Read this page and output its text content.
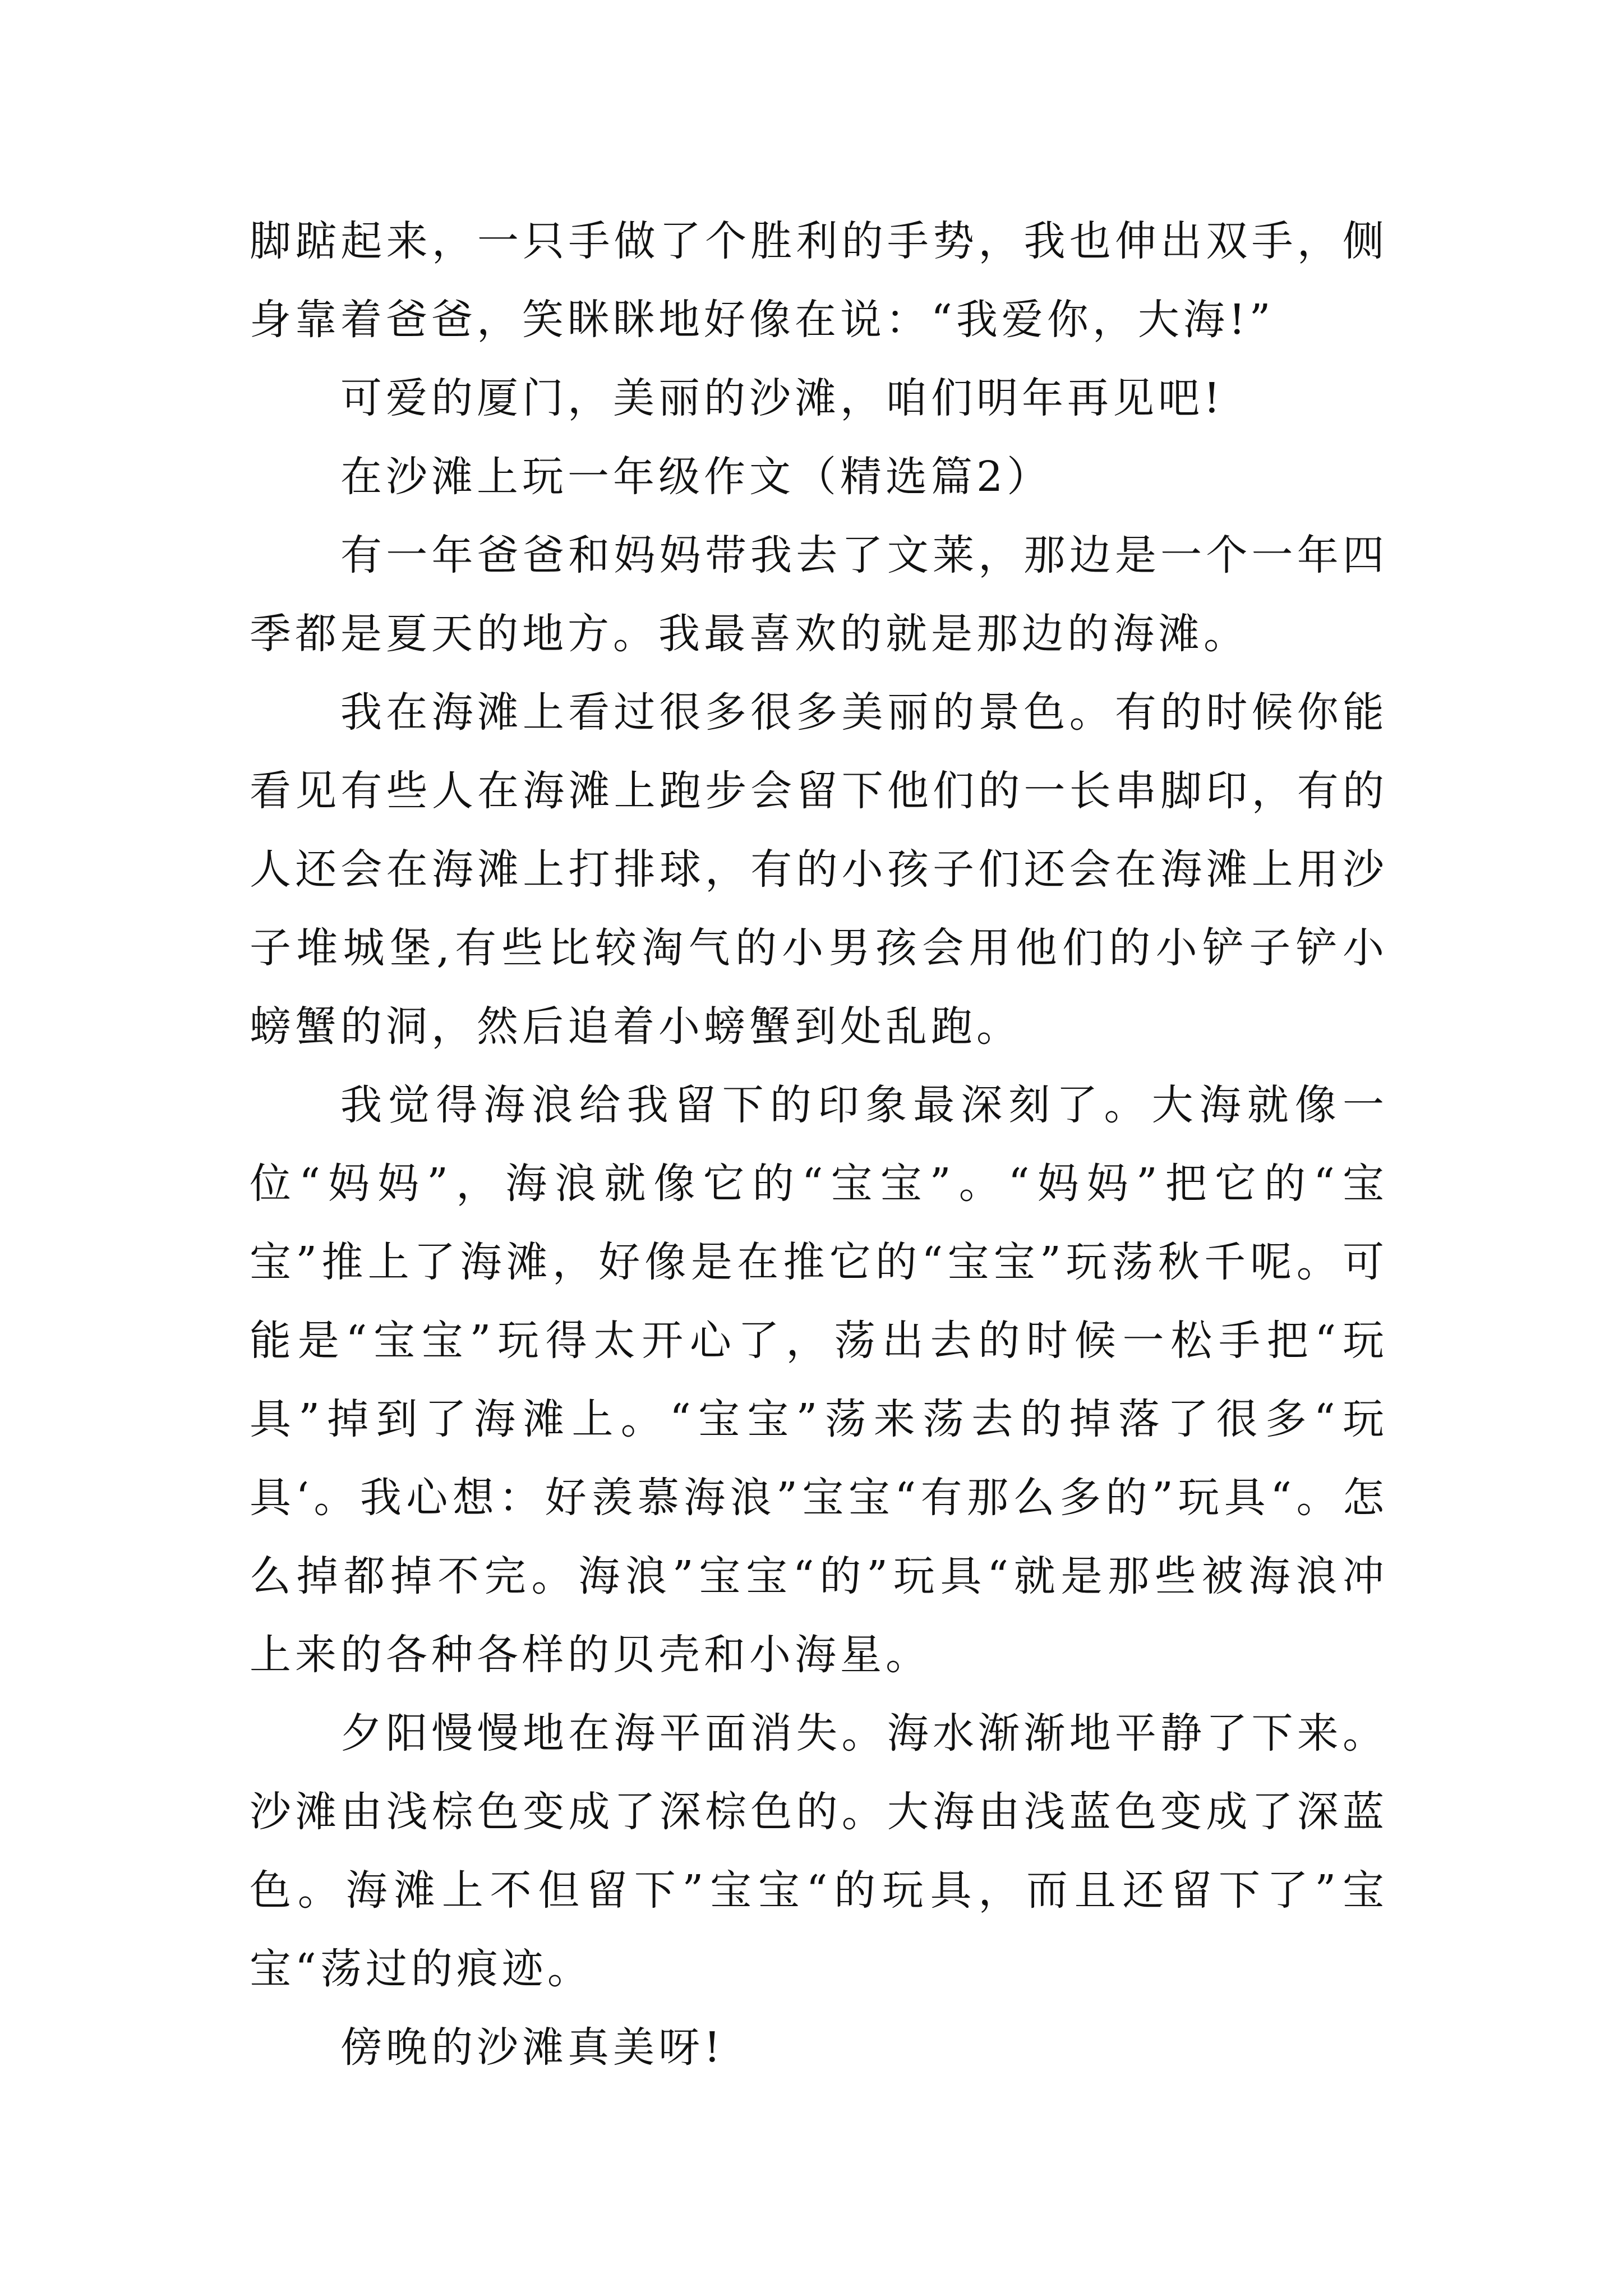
脚踮起来，一只手做了个胜利的手势，我也伸出双手，侧身靠着爸爸，笑眯眯地好像在说：“我爱你，大海!”

可爱的厦门，美丽的沙滩，咱们明年再见吧!

在沙滩上玩一年级作文（精选篇2）

有一年爸爸和妈妈带我去了文莱，那边是一个一年四季都是夏天的地方。我最喜欢的就是那边的海滩。

我在海滩上看过很多很多美丽的景色。有的时候你能看见有些人在海滩上跑步会留下他们的一长串脚印，有的人还会在海滩上打排球，有的小孩子们还会在海滩上用沙子堆城堡,有些比较淘气的小男孩会用他们的小铲子铲小螃蟹的洞，然后追着小螃蟹到处乱跑。

我觉得海浪给我留下的印象最深刻了。大海就像一位“妈妈”，海浪就像它的“宝宝”。“妈妈”把它的“宝宝”推上了海滩，好像是在推它的“宝宝”玩荡秋千呢。可能是“宝宝”玩得太开心了，荡出去的时候一松手把“玩具”掉到了海滩上。“宝宝”荡来荡去的掉落了很多“玩具‘。我心想：好羡慕海浪”宝宝“有那么多的”玩具“。怎么掉都掉不完。海浪”宝宝“的”玩具“就是那些被海浪冲上来的各种各样的贝壳和小海星。

夕阳慢慢地在海平面消失。海水渐渐地平静了下来。沙滩由浅棕色变成了深棕色的。大海由浅蓝色变成了深蓝色。海滩上不但留下”宝宝“的玩具，而且还留下了”宝宝“荡过的痕迹。

傍晚的沙滩真美呀!
